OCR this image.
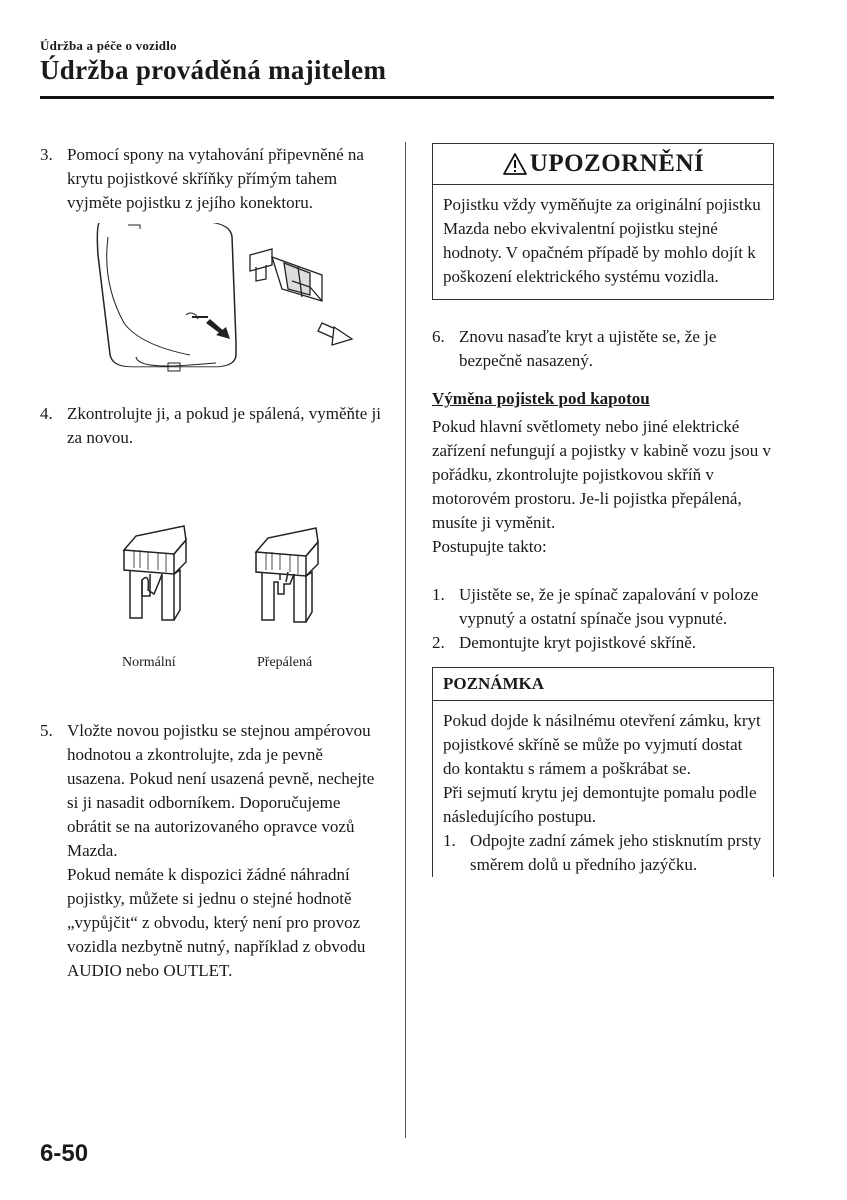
Údržba a péče o vozidlo
Údržba prováděná majitelem
3. Pomocí spony na vytahování připevněné na krytu pojistkové skříňky přímým tahem vyjměte pojistku z jejího konektoru.
4. Zkontrolujte ji, a pokud je spálená, vyměňte ji za novou.
Normální	Přepálená
5. Vložte novou pojistku se stejnou ampérovou hodnotou a zkontrolujte, zda je pevně usazena. Pokud není usazená pevně, nechejte si ji nasadit odborníkem. Doporučujeme obrátit se na autorizovaného opravce vozů Mazda.
Pokud nemáte k dispozici žádné náhradní pojistky, můžete si jednu o stejné hodnotě „vypůjčit“ z obvodu, který není pro provoz vozidla nezbytně nutný, například z obvodu AUDIO nebo OUTLET.
UPOZORNĚNÍ
Pojistku vždy vyměňujte za originální pojistku Mazda nebo ekvivalentní pojistku stejné hodnoty. V opačném případě by mohlo dojít k poškození elektrického systému vozidla.
6. Znovu nasaďte kryt a ujistěte se, že je bezpečně nasazený.
Výměna pojistek pod kapotou
Pokud hlavní světlomety nebo jiné elektrické zařízení nefungují a pojistky v kabině vozu jsou v pořádku, zkontrolujte pojistkovou skříň v motorovém prostoru. Je-li pojistka přepálená, musíte ji vyměnit.
Postupujte takto:
1. Ujistěte se, že je spínač zapalování v poloze vypnutý a ostatní spínače jsou vypnuté.
2. Demontujte kryt pojistkové skříně.
POZNÁMKA
Pokud dojde k násilnému otevření zámku, kryt pojistkové skříně se může po vyjmutí dostat do kontaktu s rámem a poškrábat se.
Při sejmutí krytu jej demontujte pomalu podle následujícího postupu.
1. Odpojte zadní zámek jeho stisknutím prsty směrem dolů u předního jazýčku.
6-50
